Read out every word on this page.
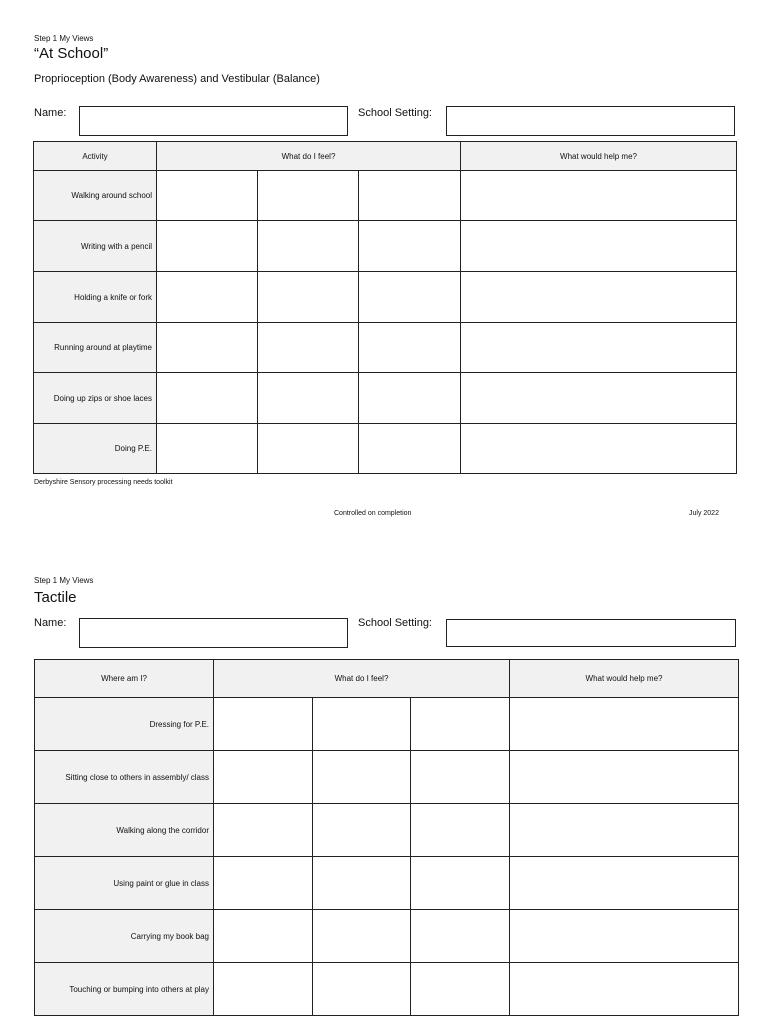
Step 1 My Views
“At School”
Proprioception (Body Awareness) and Vestibular (Balance)
Name:	School Setting:
Activity	What do I feel?			What would help me?
Walking around school				
Writing with a pencil				
Holding a knife or fork				
Running around at playtime				
Doing up zips or shoe laces				
Doing P.E.				
Derbyshire Sensory processing needs toolkit
Controlled on completion	July 2022
Step 1 My Views
Tactile
Name:	School Setting:
Where am I?	What do I feel?			What would help me?
Dressing for P.E.				
Sitting close to others in assembly/ class				
Walking along the corridor				
Using paint or glue in class				
Carrying my book bag				
Touching or bumping into others at play				
